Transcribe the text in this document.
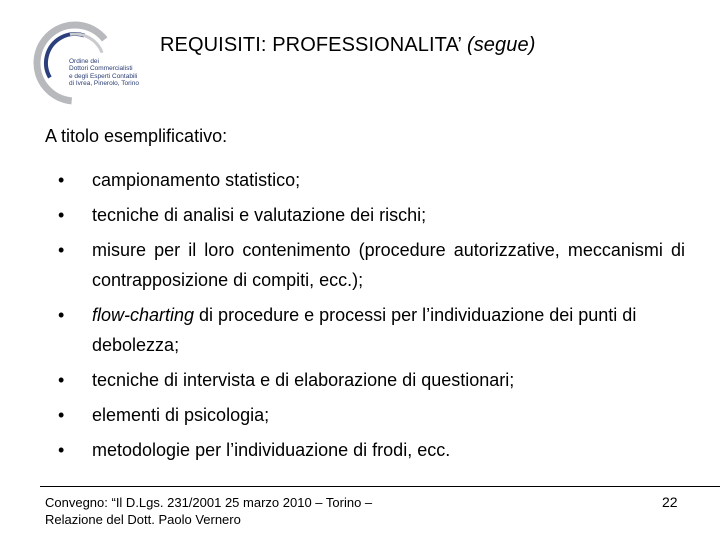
Ordine dei
Dottori Commercialisti
e degli Esperti Contabili
di Ivrea, Pinerolo, Torino
REQUISITI: PROFESSIONALITA’ (segue)
A titolo esemplificativo:
• campionamento statistico;
• tecniche di analisi e valutazione dei rischi;
• misure per il loro contenimento (procedure autorizzative, meccanismi di contrapposizione di compiti, ecc.);
• flow-charting di procedure e processi per l’individuazione dei punti di debolezza;
• tecniche di intervista e di elaborazione di questionari;
• elementi di psicologia;
• metodologie per l’individuazione di frodi, ecc.
Convegno: “Il D.Lgs. 231/2001 25 marzo 2010 – Torino –
Relazione del Dott. Paolo Vernero
22
